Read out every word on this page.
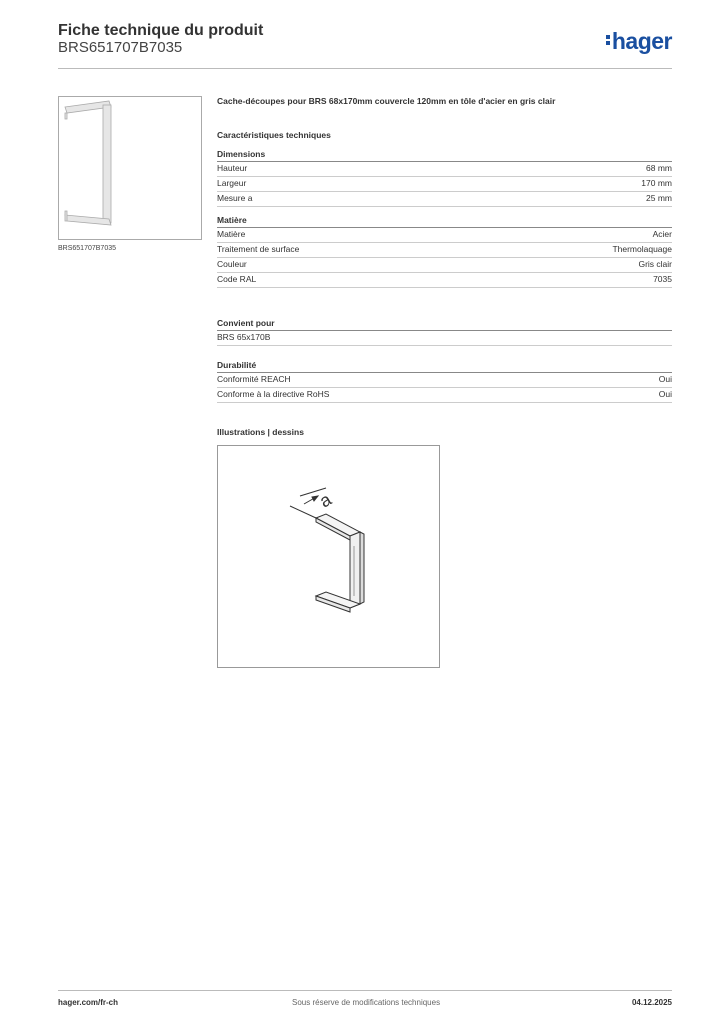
Fiche technique du produit
BRS651707B7035	hager
BRS651707B7035
Cache-découpes pour BRS 68x170mm couvercle 120mm en tôle d'acier en gris clair
Caractéristiques techniques
Dimensions
Hauteur	68 mm
Largeur	170 mm
Mesure a	25 mm
Matière
Matière	Acier
Traitement de surface	Thermolaquage
Couleur	Gris clair
Code RAL	7035
Convient pour
BRS 65x170B
Durabilité
Conformité REACH	Oui
Conforme à la directive RoHS	Oui
Illustrations | dessins
a
hager.com/fr-ch	Sous réserve de modifications techniques	04.12.2025
